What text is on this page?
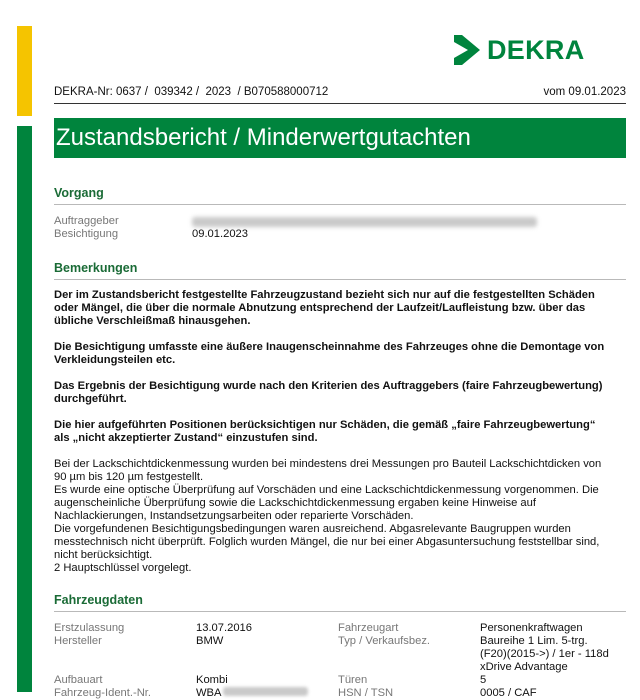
DEKRA
DEKRA-Nr: 0637 /  039342 /  2023  / B070588000712	vom 09.01.2023
Zustandsbericht / Minderwertgutachten
Vorgang
Auftraggeber
Besichtigung	09.01.2023
Bemerkungen

Der im Zustandsbericht festgestellte Fahrzeugzustand bezieht sich nur auf die festgestellten Schäden
oder Mängel, die über die normale Abnutzung entsprechend der Laufzeit/Laufleistung bzw. über das
übliche Verschleißmaß hinausgehen.

Die Besichtigung umfasste eine äußere Inaugenscheinnahme des Fahrzeuges ohne die Demontage von
Verkleidungsteilen etc.

Das Ergebnis der Besichtigung wurde nach den Kriterien des Auftraggebers (faire Fahrzeugbewertung)
durchgeführt.

Die hier aufgeführten Positionen berücksichtigen nur Schäden, die gemäß „faire Fahrzeugbewertung“
als „nicht akzeptierter Zustand“ einzustufen sind.

Bei der Lackschichtdickenmessung wurden bei mindestens drei Messungen pro Bauteil Lackschichtdicken von
90 µm bis 120 µm festgestellt.
Es wurde eine optische Überprüfung auf Vorschäden und eine Lackschichtdickenmessung vorgenommen. Die
augenscheinliche Überprüfung sowie die Lackschichtdickenmessung ergaben keine Hinweise auf
Nachlackierungen, Instandsetzungsarbeiten oder reparierte Vorschäden.
Die vorgefundenen Besichtigungsbedingungen waren ausreichend. Abgasrelevante Baugruppen wurden
messtechnisch nicht überprüft. Folglich wurden Mängel, die nur bei einer Abgasuntersuchung feststellbar sind,
nicht berücksichtigt.
2 Hauptschlüssel vorgelegt.

Fahrzeugdaten
Erstzulassung	13.07.2016	Fahrzeugart	Personenkraftwagen
Hersteller	BMW	Typ / Verkaufsbez.	Baureihe 1 Lim. 5-trg.
(F20)(2015->) / 1er - 118d
xDrive Advantage
Aufbauart	Kombi	Türen	5
Fahrzeug-Ident.-Nr.	WBA	HSN / TSN	0005 / CAF
